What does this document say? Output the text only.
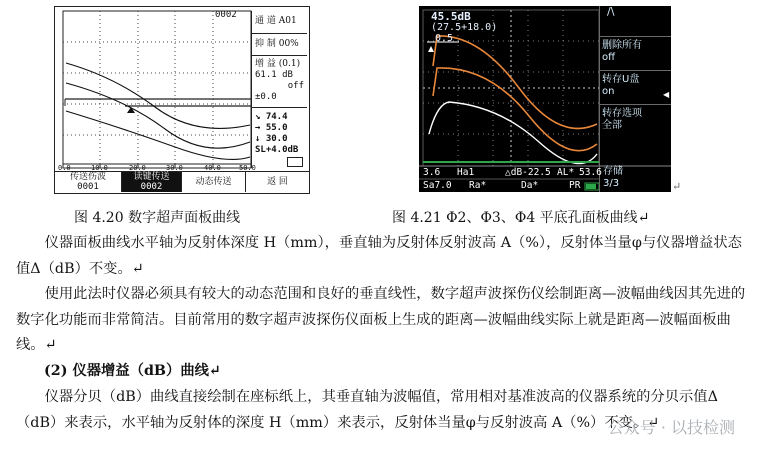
0002
通 道 A01
抑 制 00%
增 益 (0.1)
61.1 dB
off
±0.0
↘ 74.4
→ 55.0
↓ 30.0
SL+4.0dB
0.0	10.0	20.0	30.0	40.0	50.0
传送伤波
0001
读键传送
0002	动态传送	返 回
45.5dB
(27.5+18.0)
0.5
/\
删除所有
off
转存U盘
on
转存选项
全部
◀
3.6 Ha1	△dB-22.5 AL* 53.6
Sa7.0 Ra*	Da*	PR
存储
3/3	↵
图 4.20 数字超声面板曲线	图 4.21 Φ2、Φ3、Φ4 平底孔面板曲线↵
仪器面板曲线水平轴为反射体深度 H（mm），垂直轴为反射体反射波高 A（%），反射体当量φ与仪器增益状态值Δ（dB）不变。↵
使用此法时仪器必须具有较大的动态范围和良好的垂直线性，数字超声波探伤仪绘制距离—波幅曲线因其先进的数字化功能而非常简洁。目前常用的数字超声波探伤仪面板上生成的距离—波幅曲线实际上就是距离—波幅面板曲线。↵
(2) 仪器增益（dB）曲线↵
仪器分贝（dB）曲线直接绘制在座标纸上，其垂直轴为波幅值，常用相对基准波高的仪器系统的分贝示值Δ（dB）来表示，水平轴为反射体的深度 H（mm）来表示，反射体当量φ与反射波高 A（%）不变。↵
公众号 · 以技检测
